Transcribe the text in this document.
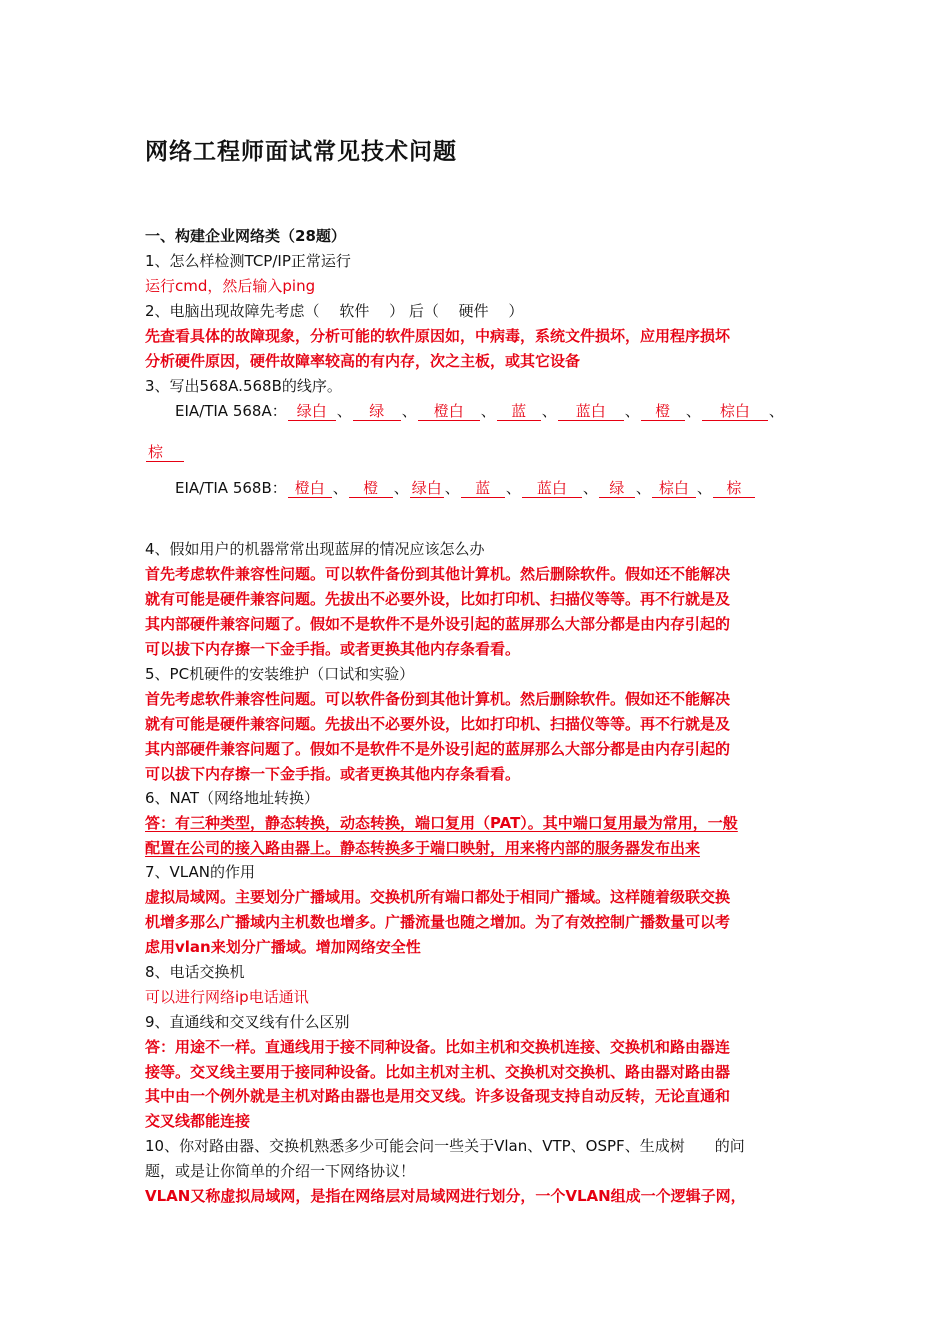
网络工程师面试常见技术问题
一、构建企业网络类（28题）
1、怎么样检测TCP/IP正常运行
运行cmd，然后输入ping
2、电脑出现故障先考虑（　 软件　 ） 后（　 硬件　 ）
先查看具体的故障现象，分析可能的软件原因如，中病毒，系统文件损坏，应用程序损坏
分析硬件原因，硬件故障率较高的有内存，次之主板，或其它设备
3、写出568A.568B的线序。
EIA/TIA 568A： 绿白 、 绿 、 橙白 、 蓝 、 蓝白 、 橙 、 棕白 、
棕
EIA/TIA 568B： 橙白 、 橙 、 绿白 、 蓝 、 蓝白 、 绿 、 棕白 、 棕
4、假如用户的机器常常出现蓝屏的情况应该怎么办
首先考虑软件兼容性问题。可以软件备份到其他计算机。然后删除软件。假如还不能解决
就有可能是硬件兼容问题。先拔出不必要外设，比如打印机、扫描仪等等。再不行就是及
其内部硬件兼容问题了。假如不是软件不是外设引起的蓝屏那么大部分都是由内存引起的
可以拔下内存擦一下金手指。或者更换其他内存条看看。
5、PC机硬件的安装维护（口试和实验）
首先考虑软件兼容性问题。可以软件备份到其他计算机。然后删除软件。假如还不能解决
就有可能是硬件兼容问题。先拔出不必要外设，比如打印机、扫描仪等等。再不行就是及
其内部硬件兼容问题了。假如不是软件不是外设引起的蓝屏那么大部分都是由内存引起的
可以拔下内存擦一下金手指。或者更换其他内存条看看。
6、NAT（网络地址转换）
答：有三种类型，静态转换，动态转换，端口复用（PAT）。其中端口复用最为常用，一般
配置在公司的接入路由器上。静态转换多于端口映射，用来将内部的服务器发布出来
7、VLAN的作用
虚拟局域网。主要划分广播域用。交换机所有端口都处于相同广播域。这样随着级联交换
机增多那么广播域内主机数也增多。广播流量也随之增加。为了有效控制广播数量可以考
虑用vlan来划分广播域。增加网络安全性
8、电话交换机
可以进行网络ip电话通讯
9、直通线和交叉线有什么区别
答：用途不一样。直通线用于接不同种设备。比如主机和交换机连接、交换机和路由器连
接等。交叉线主要用于接同种设备。比如主机对主机、交换机对交换机、路由器对路由器
其中由一个例外就是主机对路由器也是用交叉线。许多设备现支持自动反转，无论直通和
交叉线都能连接
10、你对路由器、交换机熟悉多少可能会问一些关于Vlan、VTP、OSPF、生成树　　的问
题，或是让你简单的介绍一下网络协议！
VLAN又称虚拟局域网，是指在网络层对局域网进行划分，一个VLAN组成一个逻辑子网，
